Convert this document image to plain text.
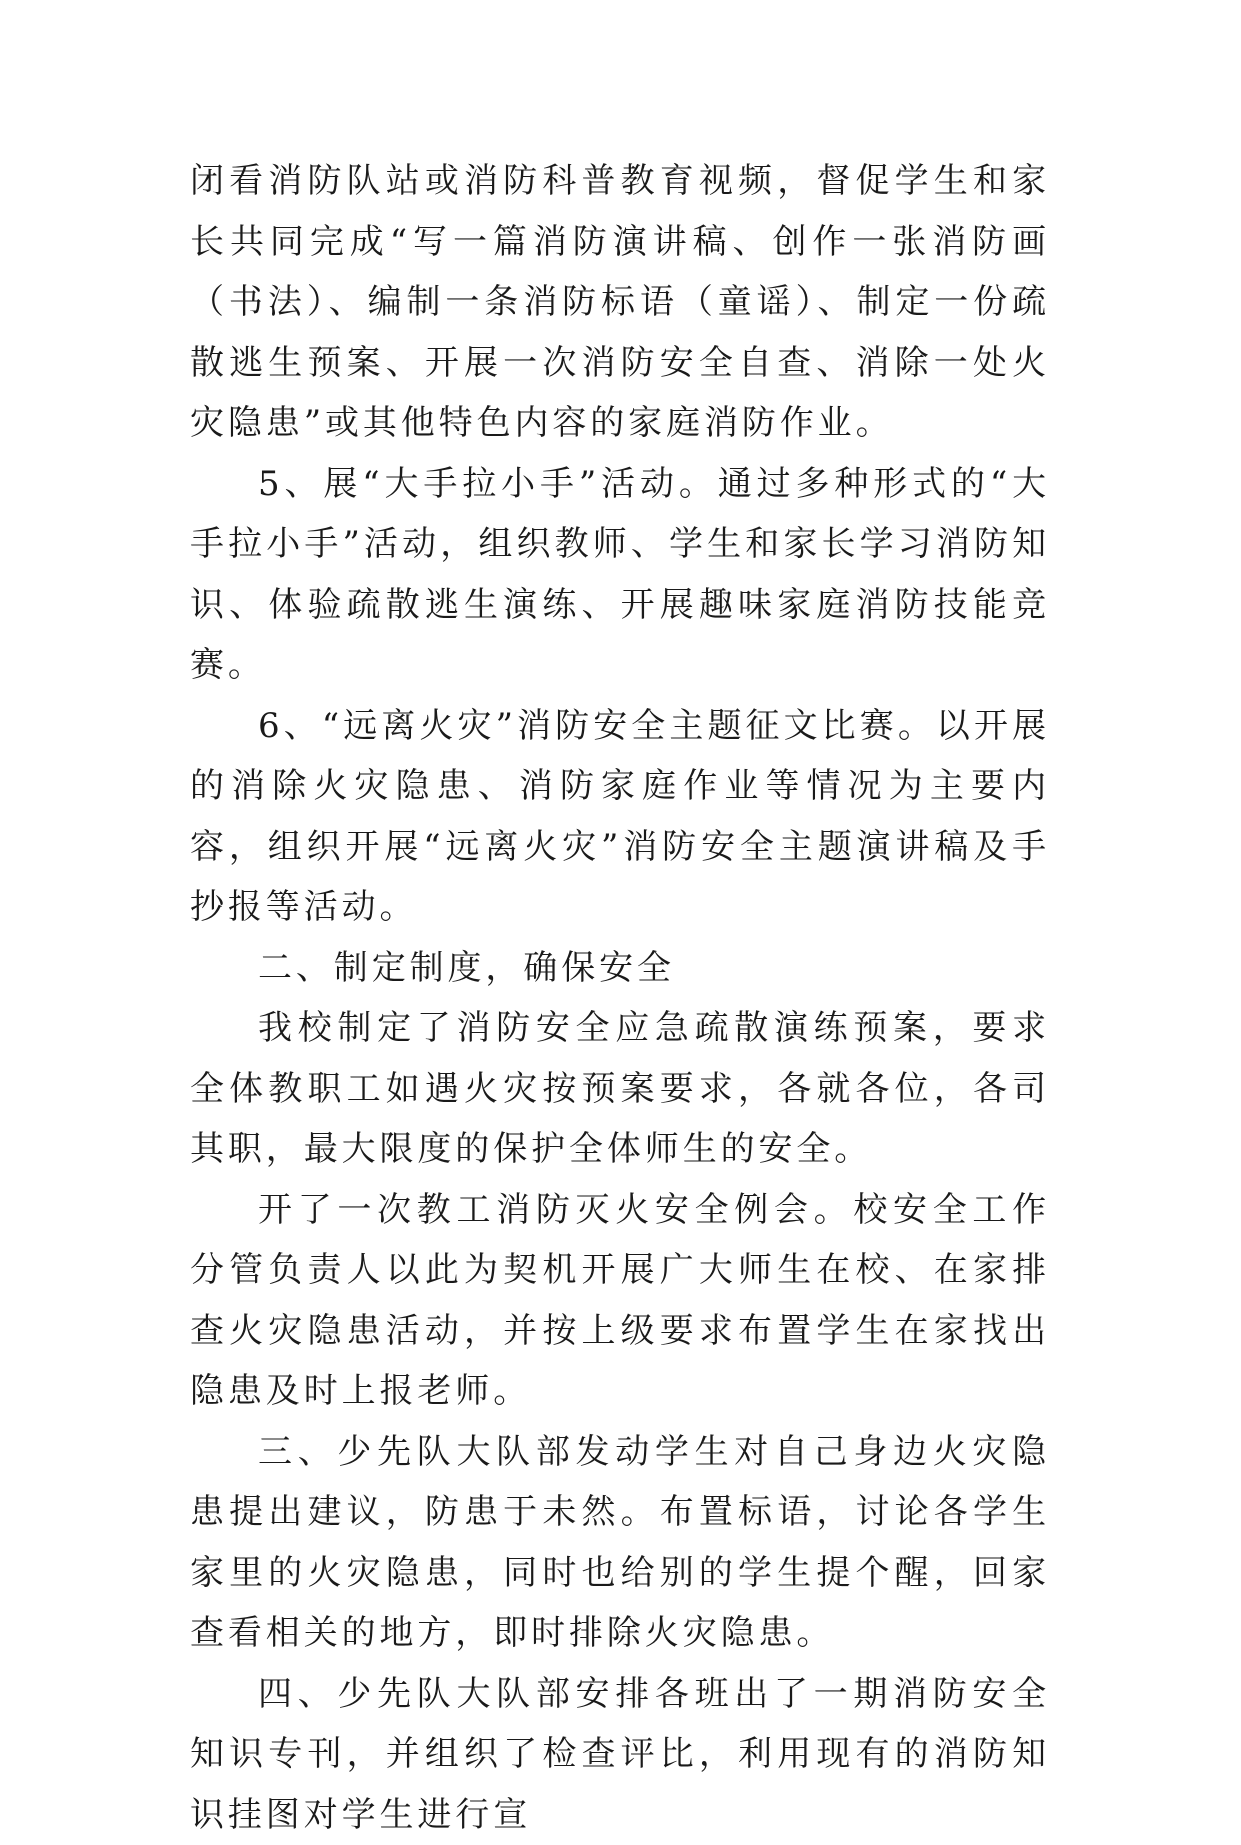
闭看消防队站或消防科普教育视频，督促学生和家长共同完成“写一篇消防演讲稿、创作一张消防画（书法）、编制一条消防标语（童谣）、制定一份疏散逃生预案、开展一次消防安全自查、消除一处火灾隐患”或其他特色内容的家庭消防作业。

5、展“大手拉小手”活动。通过多种形式的“大手拉小手”活动，组织教师、学生和家长学习消防知识、体验疏散逃生演练、开展趣味家庭消防技能竞赛。

6、“远离火灾”消防安全主题征文比赛。以开展的消除火灾隐患、消防家庭作业等情况为主要内容，组织开展“远离火灾”消防安全主题演讲稿及手抄报等活动。

二、制定制度，确保安全

我校制定了消防安全应急疏散演练预案，要求全体教职工如遇火灾按预案要求，各就各位，各司其职，最大限度的保护全体师生的安全。

开了一次教工消防灭火安全例会。校安全工作分管负责人以此为契机开展广大师生在校、在家排查火灾隐患活动，并按上级要求布置学生在家找出隐患及时上报老师。

三、少先队大队部发动学生对自己身边火灾隐患提出建议，防患于未然。布置标语，讨论各学生家里的火灾隐患，同时也给别的学生提个醒，回家查看相关的地方，即时排除火灾隐患。

四、少先队大队部安排各班出了一期消防安全知识专刊，并组织了检查评比，利用现有的消防知识挂图对学生进行宣
